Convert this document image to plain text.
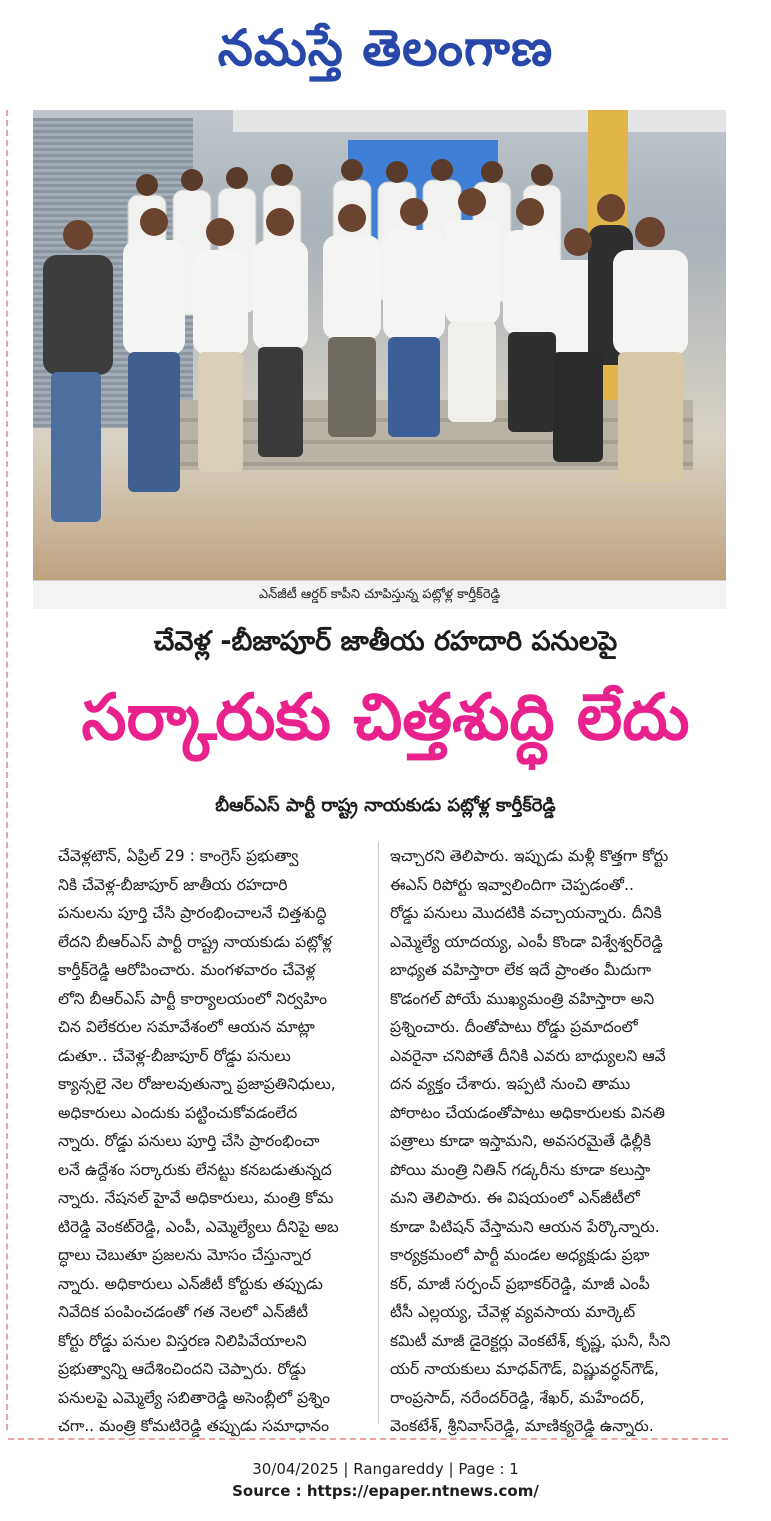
నమస్తే తెలంగాణ
ఎన్‌జీటీ ఆర్డర్ కాపీని చూపిస్తున్న పట్లోళ్ల కార్తీక్‌రెడ్డి
చేవెళ్ల -బీజాపూర్ జాతీయ రహదారి పనులపై
సర్కారుకు చిత్తశుద్ధి లేదు
బీఆర్ఎస్ పార్టీ రాష్ట్ర నాయకుడు పట్లోళ్ల కార్తీక్‌రెడ్డి

చేవెళ్లటౌన్, ఏప్రిల్ 29 : కాంగ్రెస్ ప్రభుత్వా

నికి చేవెళ్ల-బీజాపూర్ జాతీయ రహదారి

పనులను పూర్తి చేసి ప్రారంభించాలనే చిత్తశుద్ధి

లేదని బీఆర్ఎస్ పార్టీ రాష్ట్ర నాయకుడు పట్లోళ్ల

కార్తీక్‌రెడ్డి ఆరోపించారు. మంగళవారం చేవెళ్ల

లోని బీఆర్ఎస్ పార్టీ కార్యాలయంలో నిర్వహిం

చిన విలేకరుల సమావేశంలో ఆయన మాట్లా

డుతూ.. చేవెళ్ల-బీజాపూర్ రోడ్డు పనులు

క్యాన్సలై నెల రోజులవుతున్నా ప్రజాప్రతినిధులు,

అధికారులు ఎందుకు పట్టించుకోవడంలేద

న్నారు. రోడ్డు పనులు పూర్తి చేసి ప్రారంభించా

లనే ఉద్దేశం సర్కారుకు లేనట్టు కనబడుతున్నద

న్నారు. నేషనల్ హైవే అధికారులు, మంత్రి కోమ

టిరెడ్డి వెంకట్‌రెడ్డి, ఎంపీ, ఎమ్మెల్యేలు దీనిపై అబ

ద్ధాలు చెబుతూ ప్రజలను మోసం చేస్తున్నార

న్నారు. అధికారులు ఎన్‌జీటీ కోర్టుకు తప్పుడు

నివేదిక పంపించడంతో గత నెలలో ఎన్‌జీటీ

కోర్టు రోడ్డు పనుల విస్తరణ నిలిపివేయాలని

ప్రభుత్వాన్ని ఆదేశించిందని చెప్పారు. రోడ్డు

పనులపై ఎమ్మెల్యే సబితారెడ్డి అసెంబ్లీలో ప్రశ్నిం

చగా.. మంత్రి కోమటిరెడ్డి తప్పుడు సమాధానం

ఇచ్చారని తెలిపారు. ఇప్పుడు మళ్లీ కొత్తగా కోర్టు

ఈఎస్ రిపోర్టు ఇవ్వాలిందిగా చెప్పడంతో..

రోడ్డు పనులు మొదటికి వచ్చాయన్నారు. దీనికి

ఎమ్మెల్యే యాదయ్య, ఎంపీ కొండా విశ్వేశ్వర్‌రెడ్డి

బాధ్యత వహిస్తారా లేక ఇదే ప్రాంతం మీదుగా

కొడంగల్ పోయే ముఖ్యమంత్రి వహిస్తారా అని

ప్రశ్నించారు. దీంతోపాటు రోడ్డు ప్రమాదంలో

ఎవరైనా చనిపోతే దీనికి ఎవరు బాధ్యులని ఆవే

దన వ్యక్తం చేశారు. ఇప్పటి నుంచి తాము

పోరాటం చేయడంతోపాటు అధికారులకు వినతి

పత్రాలు కూడా ఇస్తామని, అవసరమైతే ఢిల్లీకి

పోయి మంత్రి నితిన్ గడ్కరీను కూడా కలుస్తా

మని తెలిపారు. ఈ విషయంలో ఎన్‌జీటీలో

కూడా పిటిషన్ వేస్తామని ఆయన పేర్కొన్నారు.

కార్యక్రమంలో పార్టీ మండల అధ్యక్షుడు ప్రభా

కర్, మాజీ సర్పంచ్ ప్రభాకర్‌రెడ్డి, మాజీ ఎంపీ

టీసీ ఎల్లయ్య, చేవెళ్ల వ్యవసాయ మార్కెట్

కమిటీ మాజీ డైరెక్టర్లు వెంకటేశ్, కృష్ణ, ఘనీ, సీని

యర్ నాయకులు మాధవ్‌గౌడ్, విష్ణువర్ధన్‌గౌడ్,

రాంప్రసాద్, నరేందర్‌రెడ్డి, శేఖర్, మహేందర్,

వెంకటేశ్, శ్రీనివాస్‌రెడ్డి, మాణిక్యరెడ్డి ఉన్నారు.

30/04/2025 | Rangareddy | Page : 1
Source : https://epaper.ntnews.com/
